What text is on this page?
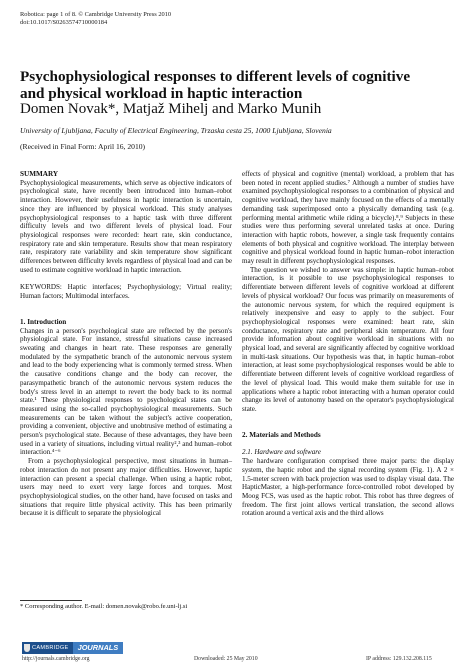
Robotica: page 1 of 8. © Cambridge University Press 2010
doi:10.1017/S0263574710000184
Psychophysiological responses to different levels of cognitive
and physical workload in haptic interaction
Domen Novak*, Matjaž Mihelj and Marko Munih
University of Ljubljana, Faculty of Electrical Engineering, Trzaska cesta 25, 1000 Ljubljana, Slovenia
(Received in Final Form: April 16, 2010)

SUMMARY

Psychophysiological measurements, which serve as objective indicators of psychological state, have recently been introduced into human–robot interaction. However, their usefulness in haptic interaction is uncertain, since they are influenced by physical workload. This study analyses psychophysiological responses to a haptic task with three different difficulty levels and two different levels of physical load. Four physiological responses were recorded: heart rate, skin conductance, respiratory rate and skin temperature. Results show that mean respiratory rate, respiratory rate variability and skin temperature show significant differences between difficulty levels regardless of physical load and can be used to estimate cognitive workload in haptic interaction.

KEYWORDS: Haptic interfaces; Psychophysiology; Virtual reality; Human factors; Multimodal interfaces.

1. Introduction

Changes in a person's psychological state are reflected by the person's physiological state. For instance, stressful situations cause increased sweating and changes in heart rate. These responses are generally modulated by the sympathetic branch of the autonomic nervous system and lead to the body experiencing what is commonly termed stress. When the causative conditions change and the body can recover, the parasympathetic branch of the autonomic nervous system reduces the body's stress level in an attempt to revert the body back to its normal state.¹ These physiological responses to psychological states can be measured using the so-called psychophysiological measurements. Such measurements can be taken without the subject's active cooperation, providing a convenient, objective and unobtrusive method of estimating a person's psychological state. Because of these advantages, they have been used in a variety of situations, including virtual reality²,³ and human–robot interaction.⁴⁻⁶

From a psychophysiological perspective, most situations in human–robot interaction do not present any major difficulties. However, haptic interaction can present a special challenge. When using a haptic robot, users may need to exert very large forces and torques. Most psychophysiological studies, on the other hand, have focused on tasks and situations that require little physical activity. This has been primarily because it is difficult to separate the physiological

* Corresponding author. E-mail: domen.novak@robo.fe.uni-lj.si

effects of physical and cognitive (mental) workload, a problem that has been noted in recent applied studies.⁷ Although a number of studies have examined psychophysiological responses to a combination of physical and cognitive workload, they have mainly focused on the effects of a mentally demanding task superimposed onto a physically demanding task (e.g. performing mental arithmetic while riding a bicycle).⁸,⁹ Subjects in these studies were thus performing several unrelated tasks at once. During interaction with haptic robots, however, a single task frequently contains elements of both physical and cognitive workload. The interplay between cognitive and physical workload found in haptic human–robot interaction may result in different psychophysiological responses.

The question we wished to answer was simple: in haptic human–robot interaction, is it possible to use psychophysiological responses to differentiate between different levels of cognitive workload at different levels of physical workload? Our focus was primarily on measurements of the autonomic nervous system, for which the required equipment is relatively inexpensive and easy to apply to the subject. Four psychophysiological responses were examined: heart rate, skin conductance, respiratory rate and peripheral skin temperature. All four provide information about cognitive workload in situations with no physical load, and several are significantly affected by cognitive workload in multi-task situations. Our hypothesis was that, in haptic human–robot interaction, at least some psychophysiological responses would be able to differentiate between different levels of cognitive workload regardless of the level of physical load. This would make them suitable for use in applications where a haptic robot interacting with a human operator could change its level of autonomy based on the operator's psychophysiological state.

2. Materials and Methods

2.1. Hardware and software

The hardware configuration comprised three major parts: the display system, the haptic robot and the signal recording system (Fig. 1). A 2 × 1.5-meter screen with back projection was used to display visual data. The HapticMaster, a high-performance force-controlled robot developed by Moog FCS, was used as the haptic robot. This robot has three degrees of freedom. The first joint allows vertical translation, the second allows rotation around a vertical axis and the third allows

CAMBRIDGE	JOURNALS
http://journals.cambridge.org	Downloaded: 25 May 2010	IP address: 129.132.208.115
